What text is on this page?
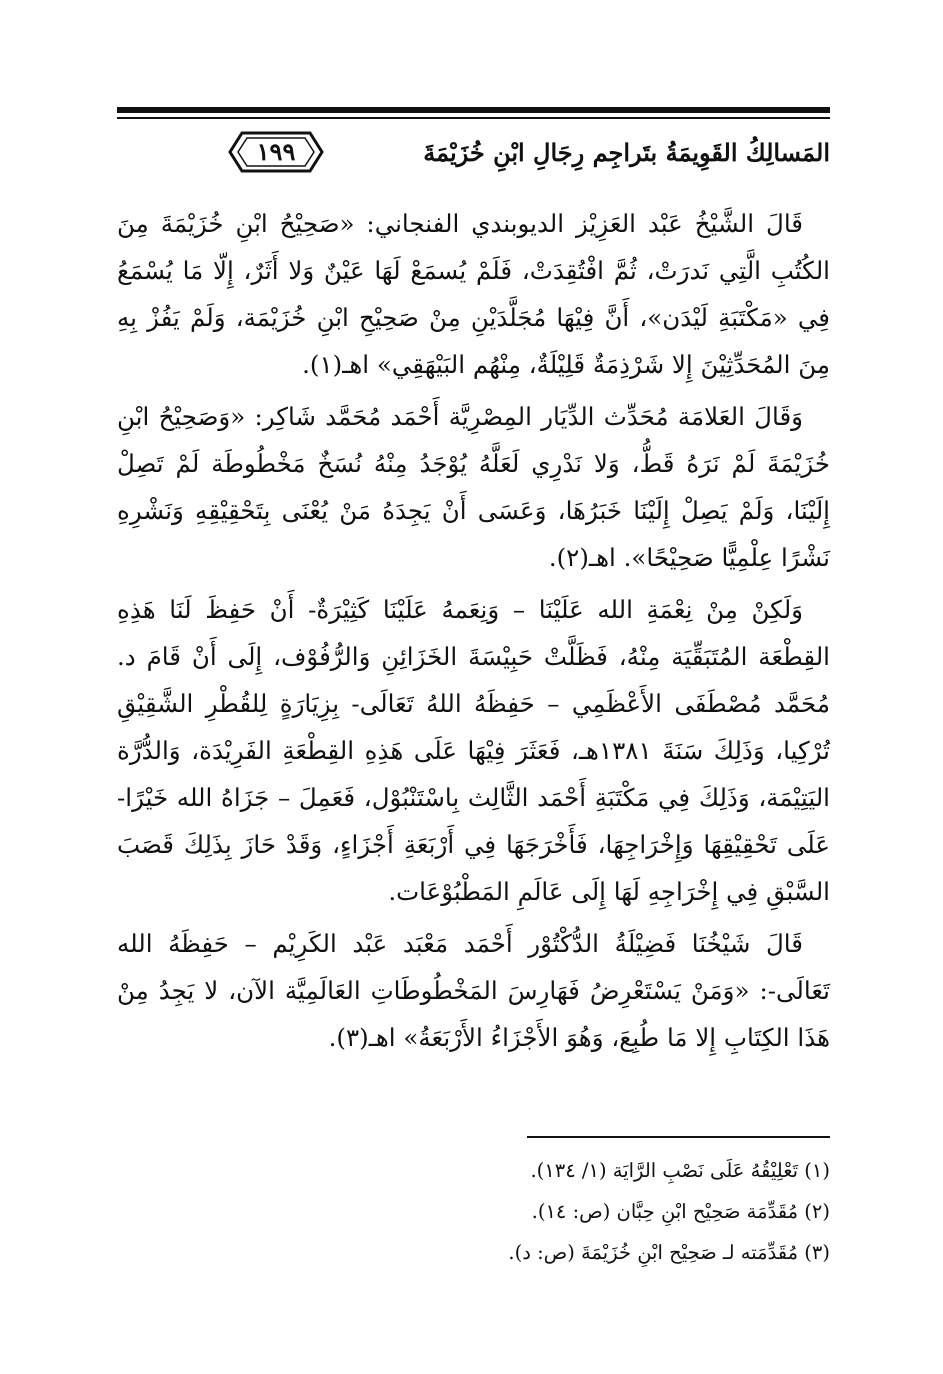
المَسالِكُ القَوِيمَةُ بتَراجِم رِجَالِ ابْنِ خُزَيْمَةَ
١٩٩

قَالَ الشَّيْخُ عَبْد العَزِيْز الديوبندي الفنجاني: «صَحِيْحُ ابْنِ خُزَيْمَةَ مِنَ الكُتُبِ الَّتِي نَدرَتْ، ثُمَّ افْتُقِدَتْ، فَلَمْ يُسمَعْ لَهَا عَيْنٌ وَلا أَثَرٌ، إِلّا مَا يُسْمَعُ فِي «مَكْتَبَةِ لَيْدَن»، أَنَّ فِيْهَا مُجَلَّدَيْنِ مِنْ صَحِيْحِ ابْنِ خُزَيْمَة، وَلَمْ يَفُزْ بِهِ مِنَ المُحَدِّثِيْنَ إِلا شَرْذِمَةٌ قَلِيْلَةٌ، مِنْهُم البَيْهَقِي» اهـ(١).

وَقَالَ العَلامَة مُحَدِّث الدِّيَار المِصْرِيَّة أَحْمَد مُحَمَّد شَاكِر: «وَصَحِيْحُ ابْنِ خُزَيْمَةَ لَمْ نَرَهُ قَطُّ، وَلا نَدْرِي لَعَلَّهُ يُوْجَدُ مِنْهُ نُسَخٌ مَخْطُوطَة لَمْ تَصِلْ إِلَيْنَا، وَلَمْ يَصِلْ إِلَيْنَا خَبَرُهَا، وَعَسَى أَنْ يَجِدَهُ مَنْ يُعْنَى بِتَحْقِيْقِهِ وَنَشْرِهِ نَشْرًا عِلْمِيًّا صَحِيْحًا». اهـ(٢).

وَلَكِنْ مِنْ نِعْمَةِ الله عَلَيْنَا – وَنِعَمهُ عَلَيْنَا كَثِيْرَةٌ- أَنْ حَفِظَ لَنَا هَذِهِ القِطْعَة المُتَبَقِّيَة مِنْهُ، فَظَلَّتْ حَبِيْسَةَ الخَزَائِنِ وَالرُّفُوْف، إِلَى أَنْ قَامَ د. مُحَمَّد مُصْطَفَى الأَعْظَمِي – حَفِظَهُ اللهُ تَعَالَى- بِزِيَارَةٍ لِلقُطْرِ الشَّقِيْقِ تُرْكِيا، وَذَلِكَ سَنَةَ ١٣٨١هـ، فَعَثَرَ فِيْهَا عَلَى هَذِهِ القِطْعَةِ الفَرِيْدَة، وَالدُّرَّة اليَتِيْمَة، وَذَلِكَ فِي مَكْتَبَةِ أَحْمَد الثَّالِث بِاسْتَنْبُوْل، فَعَمِلَ – جَزَاهُ الله خَيْرًا- عَلَى تَحْقِيْقِهَا وَإِخْرَاجِهَا، فَأَخْرَجَهَا فِي أَرْبَعَةِ أَجْزَاءٍ، وَقَدْ حَازَ بِذَلِكَ قَصَبَ السَّبْقِ فِي إِخْرَاجِهِ لَهَا إِلَى عَالَمِ المَطْبُوْعَات.

قَالَ شَيْخُنَا فَضِيْلَةُ الدُّكْتُوْر أَحْمَد مَعْبَد عَبْد الكَرِيْم – حَفِظَهُ الله تَعَالَى-: «وَمَنْ يَسْتَعْرِضُ فَهَارِسَ المَخْطُوطَاتِ العَالَمِيَّة الآن، لا يَجِدُ مِنْ هَذَا الكِتَابِ إِلا مَا طُبِعَ، وَهُوَ الأَجْزَاءُ الأَرْبَعَةُ» اهـ(٣).

(١) تَعْلِيْقُهُ عَلَى نَصْبِ الرَّايَة (١/ ١٣٤).

(٢) مُقَدِّمَة صَحِيْح ابْنِ حِبَّان (ص: ١٤).

(٣) مُقَدِّمَته لـ صَحِيْح ابْنِ خُزَيْمَةَ (ص: د).
